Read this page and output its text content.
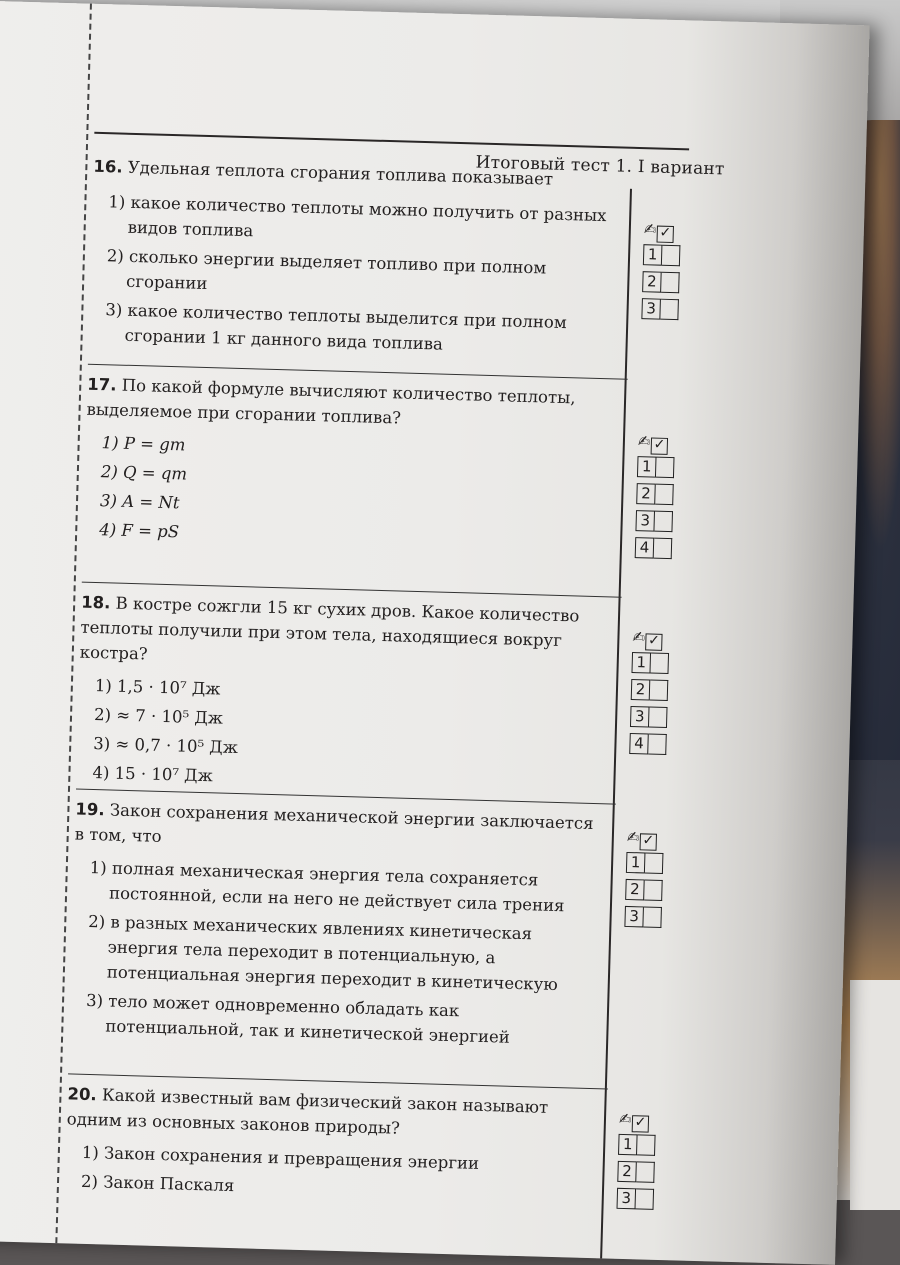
Итоговый тест 1. I вариант
16. Удельная теплота сгорания топлива показывает
1) какое количество теплоты можно получить от разных видов топлива
2) сколько энергии выделяет топливо при полном сгорании
3) какое количество теплоты выделится при полном сгорании 1 кг данного вида топлива
✍ ✓
1
2
3
17. По какой формуле вычисляют количество теплоты, выделяемое при сгорании топлива?
1) P = gm
2) Q = qm
3) A = Nt
4) F = pS
✍ ✓
1
2
3
4
18. В костре сожгли 15 кг сухих дров. Какое количество теплоты получили при этом тела, находящиеся вокруг костра?
1) 1,5 · 10⁷ Дж
2) ≈ 7 · 10⁵ Дж
3) ≈ 0,7 · 10⁵ Дж
4) 15 · 10⁷ Дж
✍ ✓
1
2
3
4
19. Закон сохранения механической энергии заключается в том, что
1) полная механическая энергия тела сохраняется постоянной, если на него не действует сила трения
2) в разных механических явлениях кинетическая энергия тела переходит в потенциальную, а потенциальная энергия переходит в кинетическую
3) тело может одновременно обладать как потенциальной, так и кинетической энергией
✍ ✓
1
2
3
20. Какой известный вам физический закон называют одним из основных законов природы?
1) Закон сохранения и превращения энергии
2) Закон Паскаля
✍ ✓
1
2
3
